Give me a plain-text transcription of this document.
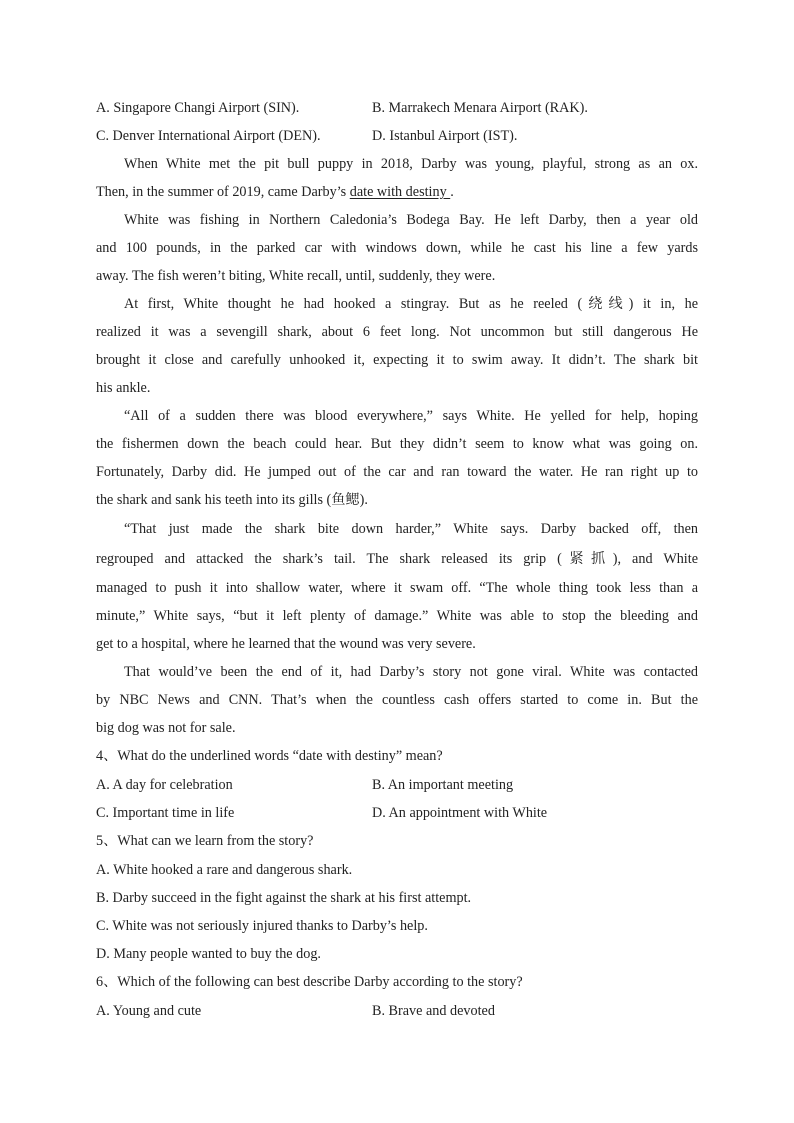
A. Singapore Changi Airport (SIN).	B. Marrakech Menara Airport (RAK).
C. Denver International Airport (DEN).	D. Istanbul Airport (IST).
When White met the pit bull puppy in 2018, Darby was young, playful, strong as an ox.
Then, in the summer of 2019, came Darby’s date with destiny .
White was fishing in Northern Caledonia’s Bodega Bay. He left Darby, then a year old
and 100 pounds, in the parked car with windows down, while he cast his line a few yards
away. The fish weren’t biting, White recall, until, suddenly, they were.
At first, White thought he had hooked a stingray. But as he reeled (绕线) it in, he
realized it was a sevengill shark, about 6 feet long. Not uncommon but still dangerous He
brought it close and carefully unhooked it, expecting it to swim away. It didn’t. The shark bit
his ankle.
“All of a sudden there was blood everywhere,” says White. He yelled for help, hoping
the fishermen down the beach could hear. But they didn’t seem to know what was going on.
Fortunately, Darby did. He jumped out of the car and ran toward the water. He ran right up to
the shark and sank his teeth into its gills (鱼鳃).
“That just made the shark bite down harder,” White says. Darby backed off, then
regrouped and attacked the shark’s tail. The shark released its grip (紧抓), and White
managed to push it into shallow water, where it swam off. “The whole thing took less than a
minute,” White says, “but it left plenty of damage.” White was able to stop the bleeding and
get to a hospital, where he learned that the wound was very severe.
That would’ve been the end of it, had Darby’s story not gone viral. White was contacted
by NBC News and CNN. That’s when the countless cash offers started to come in. But the
big dog was not for sale.
4、What do the underlined words “date with destiny” mean?
A. A day for celebration	B. An important meeting
C. Important time in life	D. An appointment with White
5、What can we learn from the story?
A. White hooked a rare and dangerous shark.
B. Darby succeed in the fight against the shark at his first attempt.
C. White was not seriously injured thanks to Darby’s help.
D. Many people wanted to buy the dog.
6、Which of the following can best describe Darby according to the story?
A. Young and cute	B. Brave and devoted
